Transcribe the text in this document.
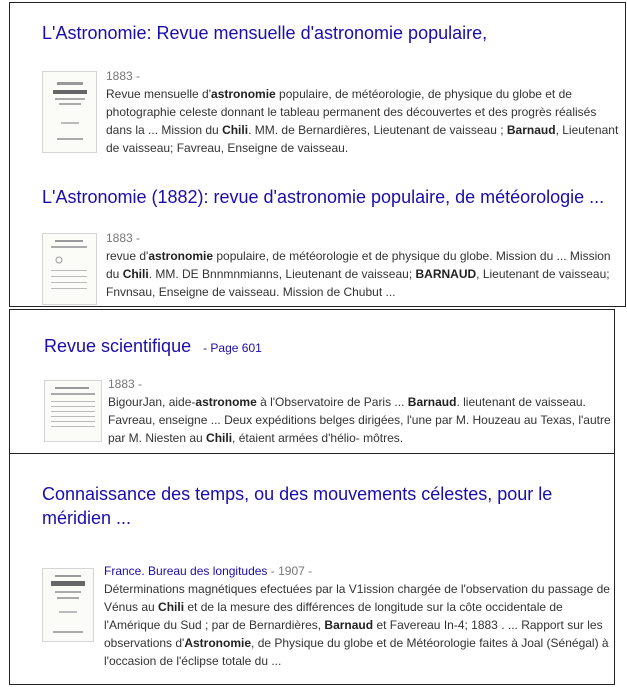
L'Astronomie: Revue mensuelle d'astronomie populaire,
1883 -
Revue mensuelle d'astronomie populaire, de météorologie, de physique du globe et de
photographie celeste donnant le tableau permanent des découvertes et des progrès réalisés
dans la ... Mission du Chili. MM. de Bernardières, Lieutenant de vaisseau ; Barnaud, Lieutenant
de vaisseau; Favreau, Enseigne de vaisseau.
L'Astronomie (1882): revue d'astronomie populaire, de météorologie ...
1883 -
revue d'astronomie populaire, de météorologie et de physique du globe. Mission du ... Mission
du Chili. MM. DE Bnnmnmianns, Lieutenant de vaisseau; BARNAUD, Lieutenant de vaisseau;
Fnvnsau, Enseigne de vaisseau. Mission de Chubut ...
Revue scientifique - Page 601
1883 -
BigourJan, aide-astronome à l'Observatoire de Paris ... Barnaud. lieutenant de vaisseau.
Favreau, enseigne ... Deux expéditions belges dirigées, l'une par M. Houzeau au Texas, l'autre
par M. Niesten au Chili, étaient armées d'hélio- môtres.
Connaissance des temps, ou des mouvements célestes, pour le
méridien ...
France. Bureau des longitudes - 1907 -
Déterminations magnétiques efectuées par la V1ission chargée de l'observation du passage de
Vénus au Chili et de la mesure des différences de longitude sur la côte occidentale de
l'Amérique du Sud ; par de Bernardières, Barnaud et Favereau In-4; 1883 . ... Rapport sur les
observations d'Astronomie, de Physique du globe et de Météorologie faites à Joal (Sénégal) à
l'occasion de l'éclipse totale du ...
